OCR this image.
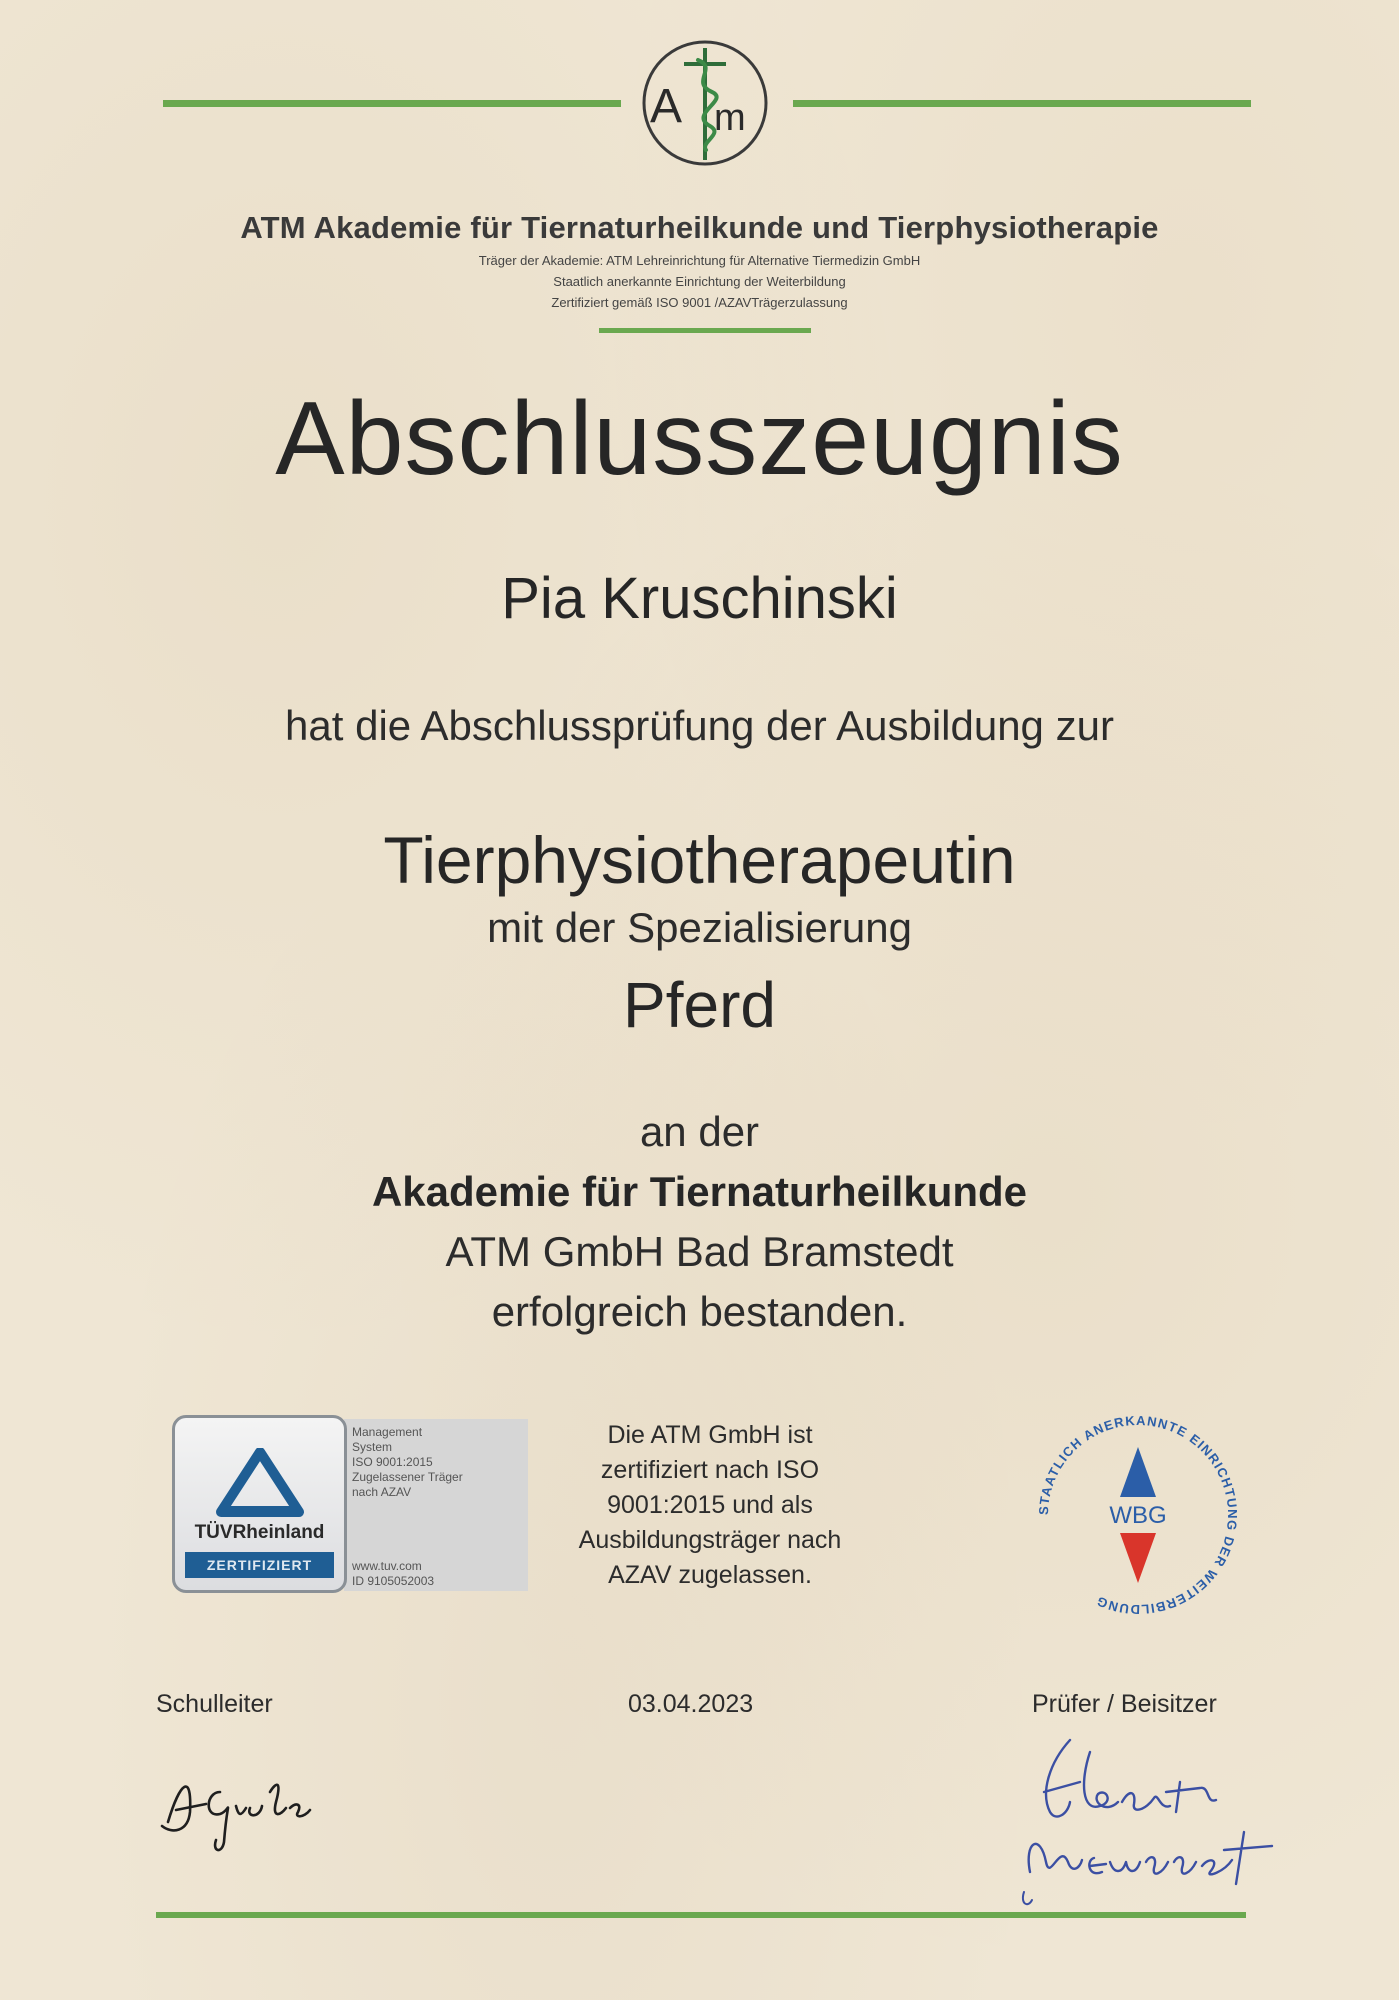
A m
ATM Akademie für Tiernaturheilkunde und Tierphysiotherapie
Träger der Akademie: ATM Lehreinrichtung für Alternative Tiermedizin GmbH
Staatlich anerkannte Einrichtung der Weiterbildung
Zertifiziert gemäß ISO 9001 /AZAVTrägerzulassung
Abschlusszeugnis
Pia Kruschinski
hat die Abschlussprüfung der Ausbildung zur
Tierphysiotherapeutin
mit der Spezialisierung
Pferd
an der
Akademie für Tiernaturheilkunde
ATM GmbH Bad Bramstedt
erfolgreich bestanden.
Management
System
ISO 9001:2015
Zugelassener Träger
nach AZAV
www.tuv.com
ID 9105052003
TÜVRheinland
ZERTIFIZIERT
Die ATM GmbH ist
zertifiziert nach ISO
9001:2015 und als
Ausbildungsträger nach
AZAV zugelassen.
STAATLICH ANERKANNTE EINRICHTUNG DER WEITERBILDUNG
WBG
Schulleiter	03.04.2023	Prüfer / Beisitzer
